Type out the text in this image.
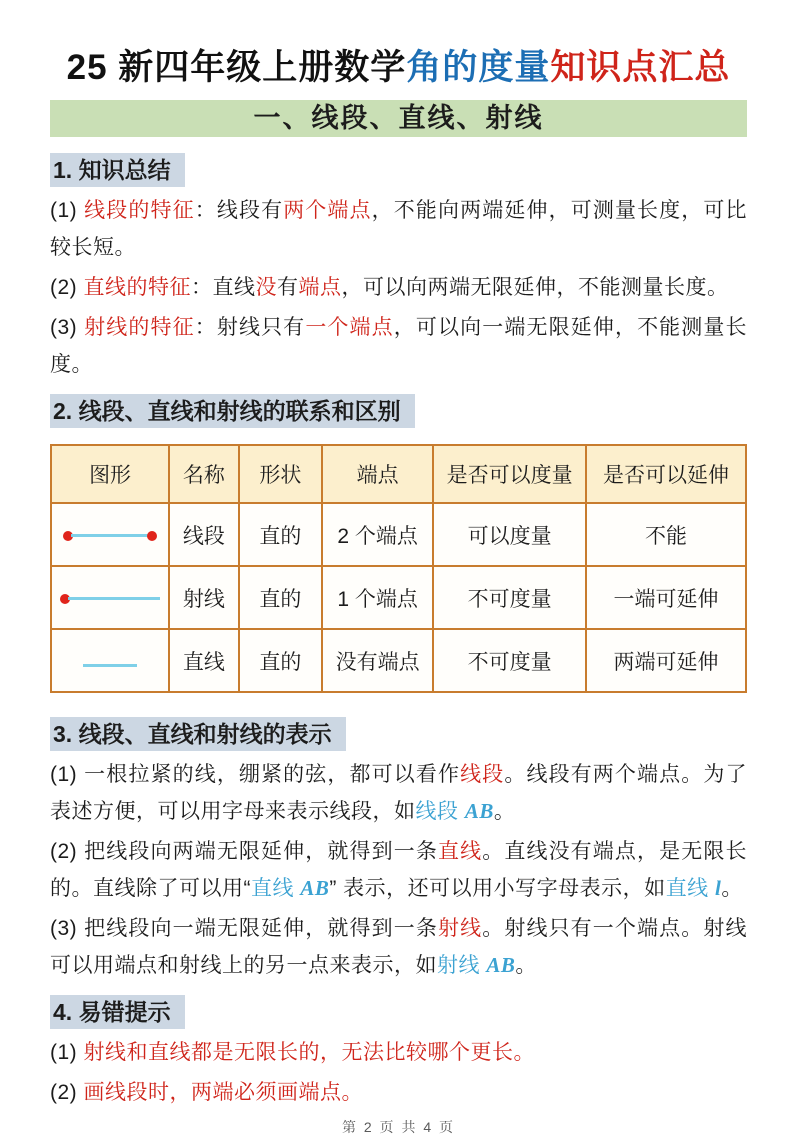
25 新四年级上册数学角的度量知识点汇总
一、线段、直线、射线
1. 知识总结
(1) 线段的特征：线段有两个端点，不能向两端延伸，可测量长度，可比较长短。
(2) 直线的特征：直线没有端点，可以向两端无限延伸，不能测量长度。
(3) 射线的特征：射线只有一个端点，可以向一端无限延伸，不能测量长度。
2. 线段、直线和射线的联系和区别
图形	名称	形状	端点	是否可以度量	是否可以延伸

	线段	直的	2 个端点	可以度量	不能

	射线	直的	1 个端点	不可度量	一端可延伸

	直线	直的	没有端点	不可度量	两端可延伸
3. 线段、直线和射线的表示
(1) 一根拉紧的线，绷紧的弦，都可以看作线段。线段有两个端点。为了表述方便，可以用字母来表示线段，如线段 AB。
(2) 把线段向两端无限延伸，就得到一条直线。直线没有端点，是无限长的。直线除了可以用“直线 AB” 表示，还可以用小写字母表示，如直线 l。
(3) 把线段向一端无限延伸，就得到一条射线。射线只有一个端点。射线可以用端点和射线上的另一点来表示，如射线 AB。
4. 易错提示
(1) 射线和直线都是无限长的，无法比较哪个更长。
(2) 画线段时，两端必须画端点。
第 2 页 共 4 页
